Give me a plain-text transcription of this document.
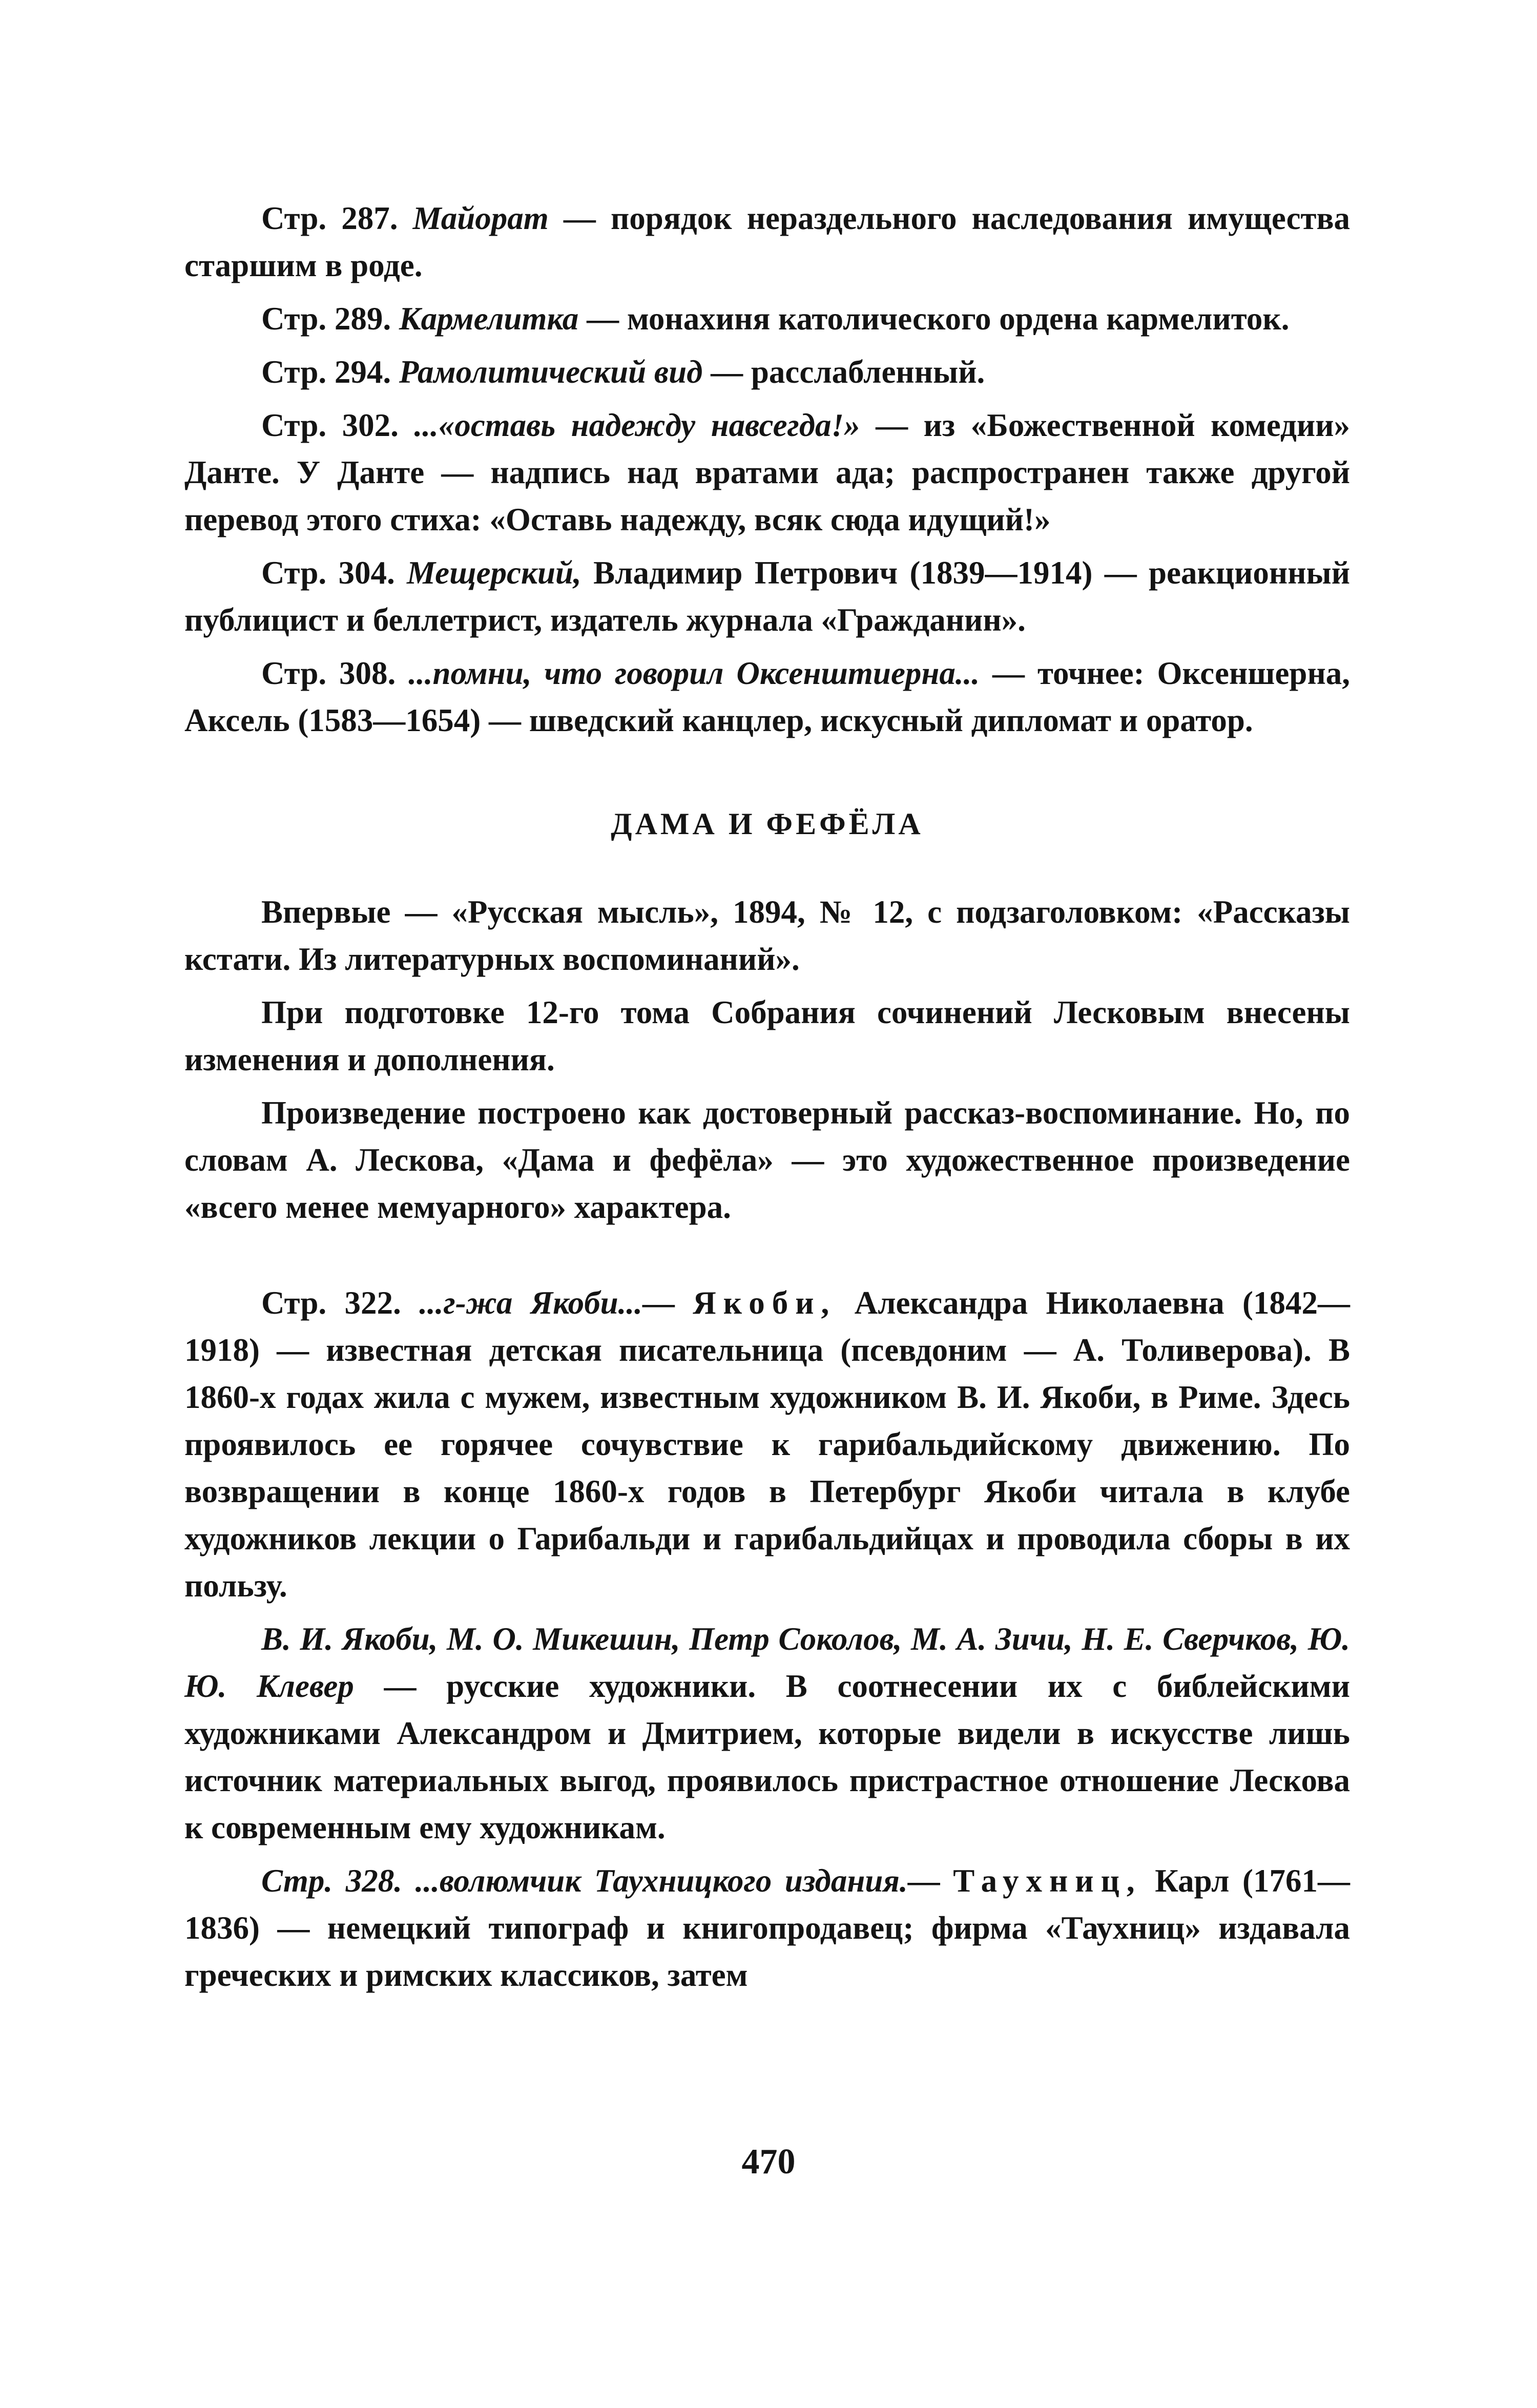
Стр. 287. Майорат — порядок нераздельного наследования имущества старшим в роде.

Стр. 289. Кармелитка — монахиня католического ордена кармелиток.

Стр. 294. Рамолитический вид — расслабленный.

Стр. 302. ...«оставь надежду навсегда!» — из «Божественной комедии» Данте. У Данте — надпись над вратами ада; распространен также другой перевод этого стиха: «Оставь надежду, всяк сюда идущий!»

Стр. 304. Мещерский, Владимир Петрович (1839—1914) — реакционный публицист и беллетрист, издатель журнала «Гражданин».

Стр. 308. ...помни, что говорил Оксенштиерна... — точнее: Оксеншерна, Аксель (1583—1654) — шведский канцлер, искусный дипломат и оратор.

ДАМА И ФЕФЁЛА

Впервые — «Русская мысль», 1894, № 12, с подзаголовком: «Рассказы кстати. Из литературных воспоминаний».

При подготовке 12-го тома Собрания сочинений Лесковым внесены изменения и дополнения.

Произведение построено как достоверный рассказ-воспоминание. Но, по словам А. Лескова, «Дама и фефёла» — это художественное произведение «всего менее мемуарного» характера.

Стр. 322. ...г-жа Якоби...— Якоби, Александра Николаевна (1842—1918) — известная детская писательница (псевдоним — А. Толиверова). В 1860-х годах жила с мужем, известным художником В. И. Якоби, в Риме. Здесь проявилось ее горячее сочувствие к гарибальдийскому движению. По возвращении в конце 1860-х годов в Петербург Якоби читала в клубе художников лекции о Гарибальди и гарибальдийцах и проводила сборы в их пользу.

В. И. Якоби, М. О. Микешин, Петр Соколов, М. А. Зичи, Н. Е. Сверчков, Ю. Ю. Клевер — русские художники. В соотнесении их с библейскими художниками Александром и Дмитрием, которые видели в искусстве лишь источник материальных выгод, проявилось пристрастное отношение Лескова к современным ему художникам.

Стр. 328. ...волюмчик Таухницкого издания.— Таухниц, Карл (1761—1836) — немецкий типограф и книгопродавец; фирма «Таухниц» издавала греческих и римских классиков, затем

470
